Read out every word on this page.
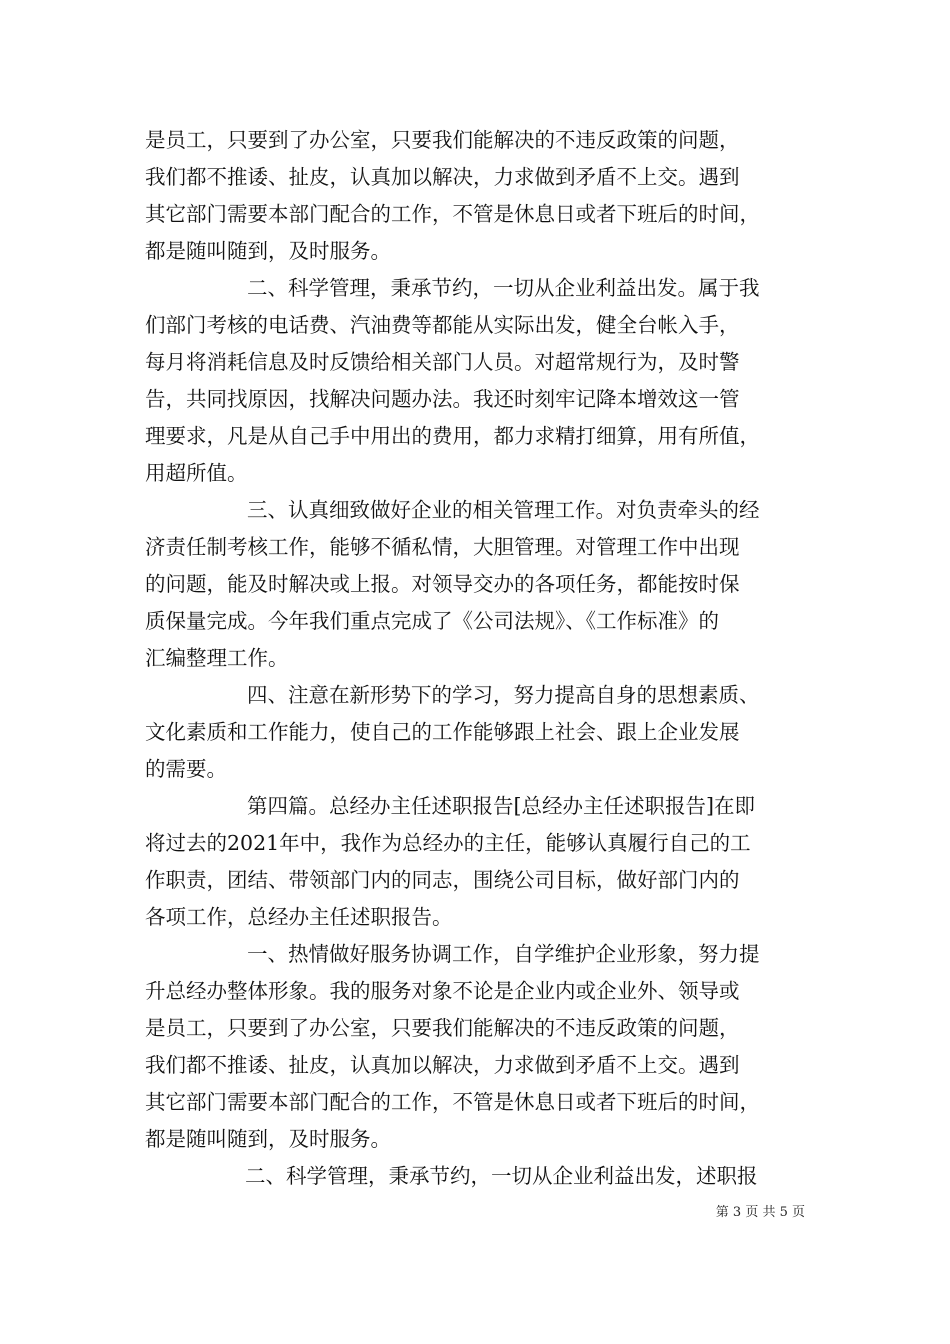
是员工，只要到了办公室，只要我们能解决的不违反政策的问题，
我们都不推诿、扯皮，认真加以解决，力求做到矛盾不上交。遇到
其它部门需要本部门配合的工作，不管是休息日或者下班后的时间，
都是随叫随到，及时服务。
二、科学管理，秉承节约，一切从企业利益出发。属于我
们部门考核的电话费、汽油费等都能从实际出发，健全台帐入手，
每月将消耗信息及时反馈给相关部门人员。对超常规行为，及时警
告，共同找原因，找解决问题办法。我还时刻牢记降本增效这一管
理要求，凡是从自己手中用出的费用，都力求精打细算，用有所值，
用超所值。
三、认真细致做好企业的相关管理工作。对负责牵头的经
济责任制考核工作，能够不循私情，大胆管理。对管理工作中出现
的问题，能及时解决或上报。对领导交办的各项任务，都能按时保
质保量完成。今年我们重点完成了《公司法规》、《工作标准》的
汇编整理工作。
四、注意在新形势下的学习，努力提高自身的思想素质、
文化素质和工作能力，使自己的工作能够跟上社会、跟上企业发展
的需要。
第四篇。总经办主任述职报告[总经办主任述职报告]在即
将过去的2021年中，我作为总经办的主任，能够认真履行自己的工
作职责，团结、带领部门内的同志，围绕公司目标，做好部门内的
各项工作，总经办主任述职报告。
一、热情做好服务协调工作，自学维护企业形象，努力提
升总经办整体形象。我的服务对象不论是企业内或企业外、领导或
是员工，只要到了办公室，只要我们能解决的不违反政策的问题，
我们都不推诿、扯皮，认真加以解决，力求做到矛盾不上交。遇到
其它部门需要本部门配合的工作，不管是休息日或者下班后的时间，
都是随叫随到，及时服务。
二、科学管理，秉承节约，一切从企业利益出发，述职报
第 3 页 共 5 页
